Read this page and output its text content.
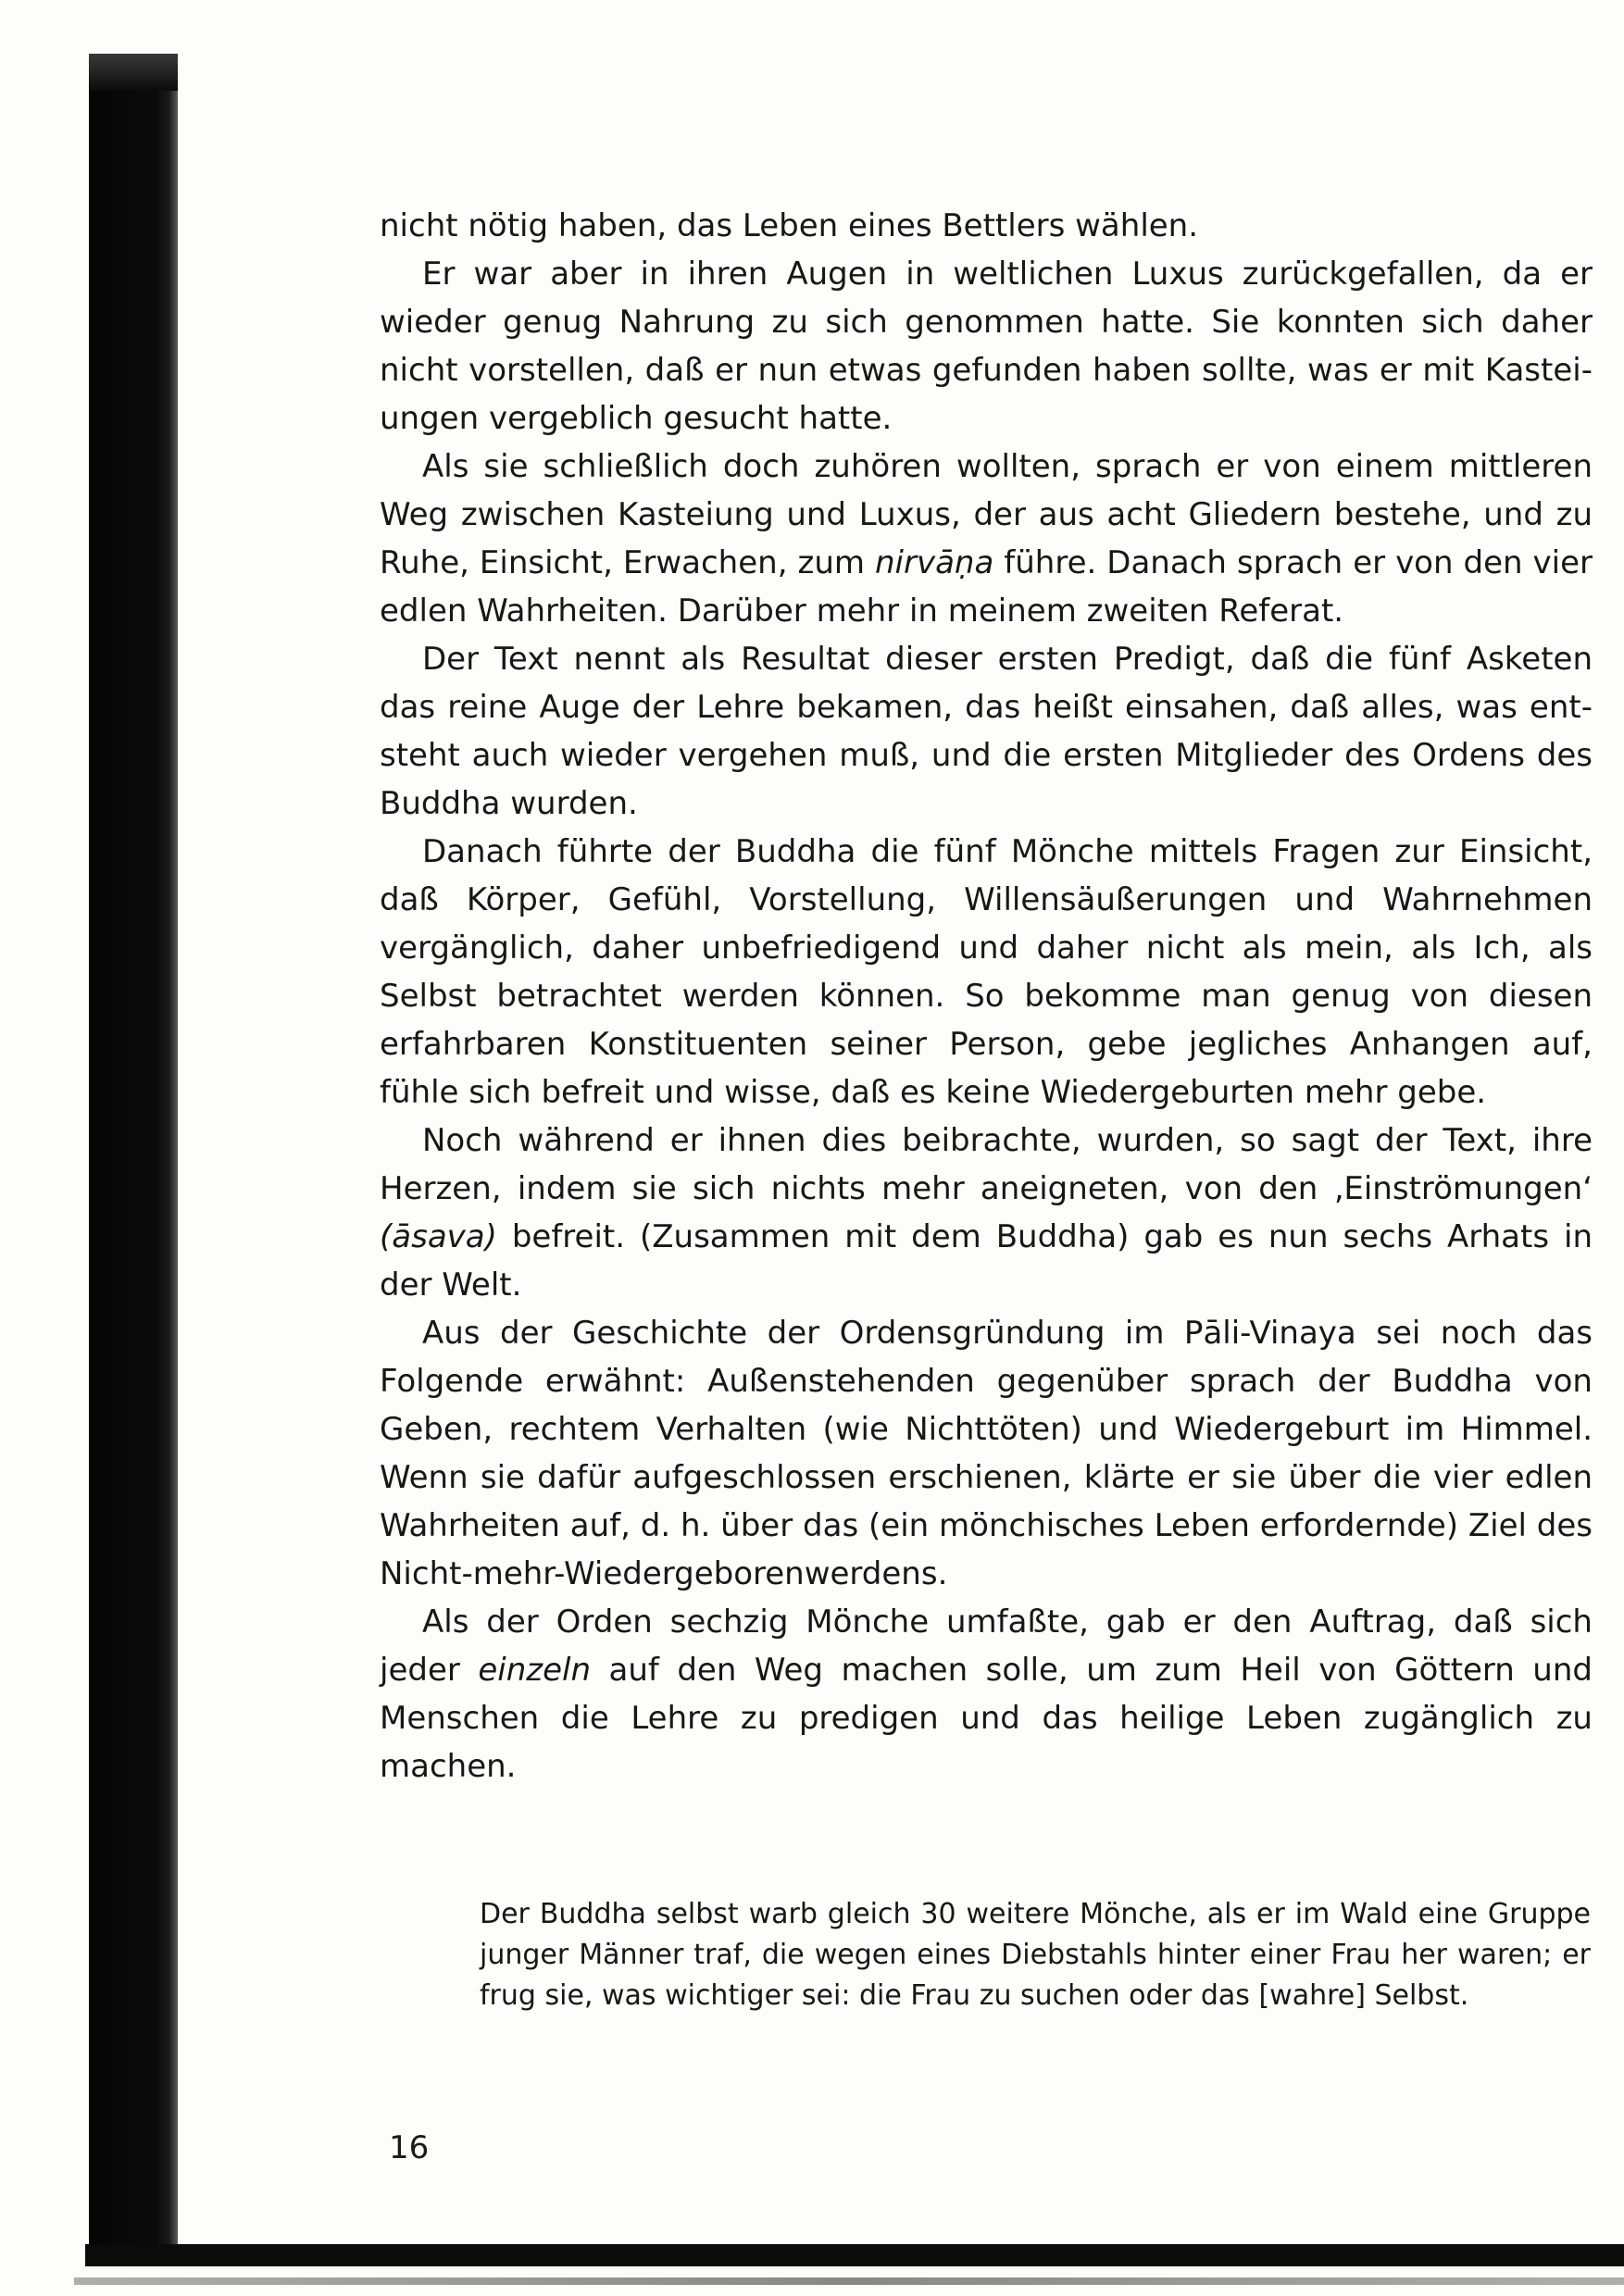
nicht nötig haben, das Leben eines Bettlers wählen.

Er war aber in ihren Augen in weltlichen Luxus zurückgefallen, da er wieder genug Nahrung zu sich genommen hatte. Sie konnten sich daher nicht vorstellen, daß er nun etwas gefunden haben sollte, was er mit Kasteiungen vergeblich gesucht hatte.

Als sie schließlich doch zuhören wollten, sprach er von einem mittleren Weg zwischen Kasteiung und Luxus, der aus acht Gliedern bestehe, und zu Ruhe, Einsicht, Erwachen, zum nirvāṇa führe. Danach sprach er von den vier edlen Wahrheiten. Darüber mehr in meinem zweiten Referat.

Der Text nennt als Resultat dieser ersten Predigt, daß die fünf Asketen das reine Auge der Lehre bekamen, das heißt einsahen, daß alles, was entsteht auch wieder vergehen muß, und die ersten Mitglieder des Ordens des Buddha wurden.

Danach führte der Buddha die fünf Mönche mittels Fragen zur Einsicht, daß Körper, Gefühl, Vorstellung, Willensäußerungen und Wahrnehmen vergänglich, daher unbefriedigend und daher nicht als mein, als Ich, als Selbst betrachtet werden können. So bekomme man genug von diesen erfahrbaren Konstituenten seiner Person, gebe jegliches Anhangen auf, fühle sich befreit und wisse, daß es keine Wiedergeburten mehr gebe.

Noch während er ihnen dies beibrachte, wurden, so sagt der Text, ihre Herzen, indem sie sich nichts mehr aneigneten, von den ‚Einströmungen‘ (āsava) befreit. (Zusammen mit dem Buddha) gab es nun sechs Arhats in der Welt.

Aus der Geschichte der Ordensgründung im Pāli-Vinaya sei noch das Folgende erwähnt: Außenstehenden gegenüber sprach der Buddha von Geben, rechtem Verhalten (wie Nichttöten) und Wiedergeburt im Himmel. Wenn sie dafür aufgeschlossen erschienen, klärte er sie über die vier edlen Wahrheiten auf, d. h. über das (ein mönchisches Leben erfordernde) Ziel des Nicht-mehr-Wiedergeborenwerdens.

Als der Orden sechzig Mönche umfaßte, gab er den Auftrag, daß sich jeder einzeln auf den Weg machen solle, um zum Heil von Göttern und Menschen die Lehre zu predigen und das heilige Leben zugänglich zu machen.

Der Buddha selbst warb gleich 30 weitere Mönche, als er im Wald eine Gruppe junger Männer traf, die wegen eines Diebstahls hinter einer Frau her waren; er frug sie, was wichtiger sei: die Frau zu suchen oder das [wahre] Selbst.

16
